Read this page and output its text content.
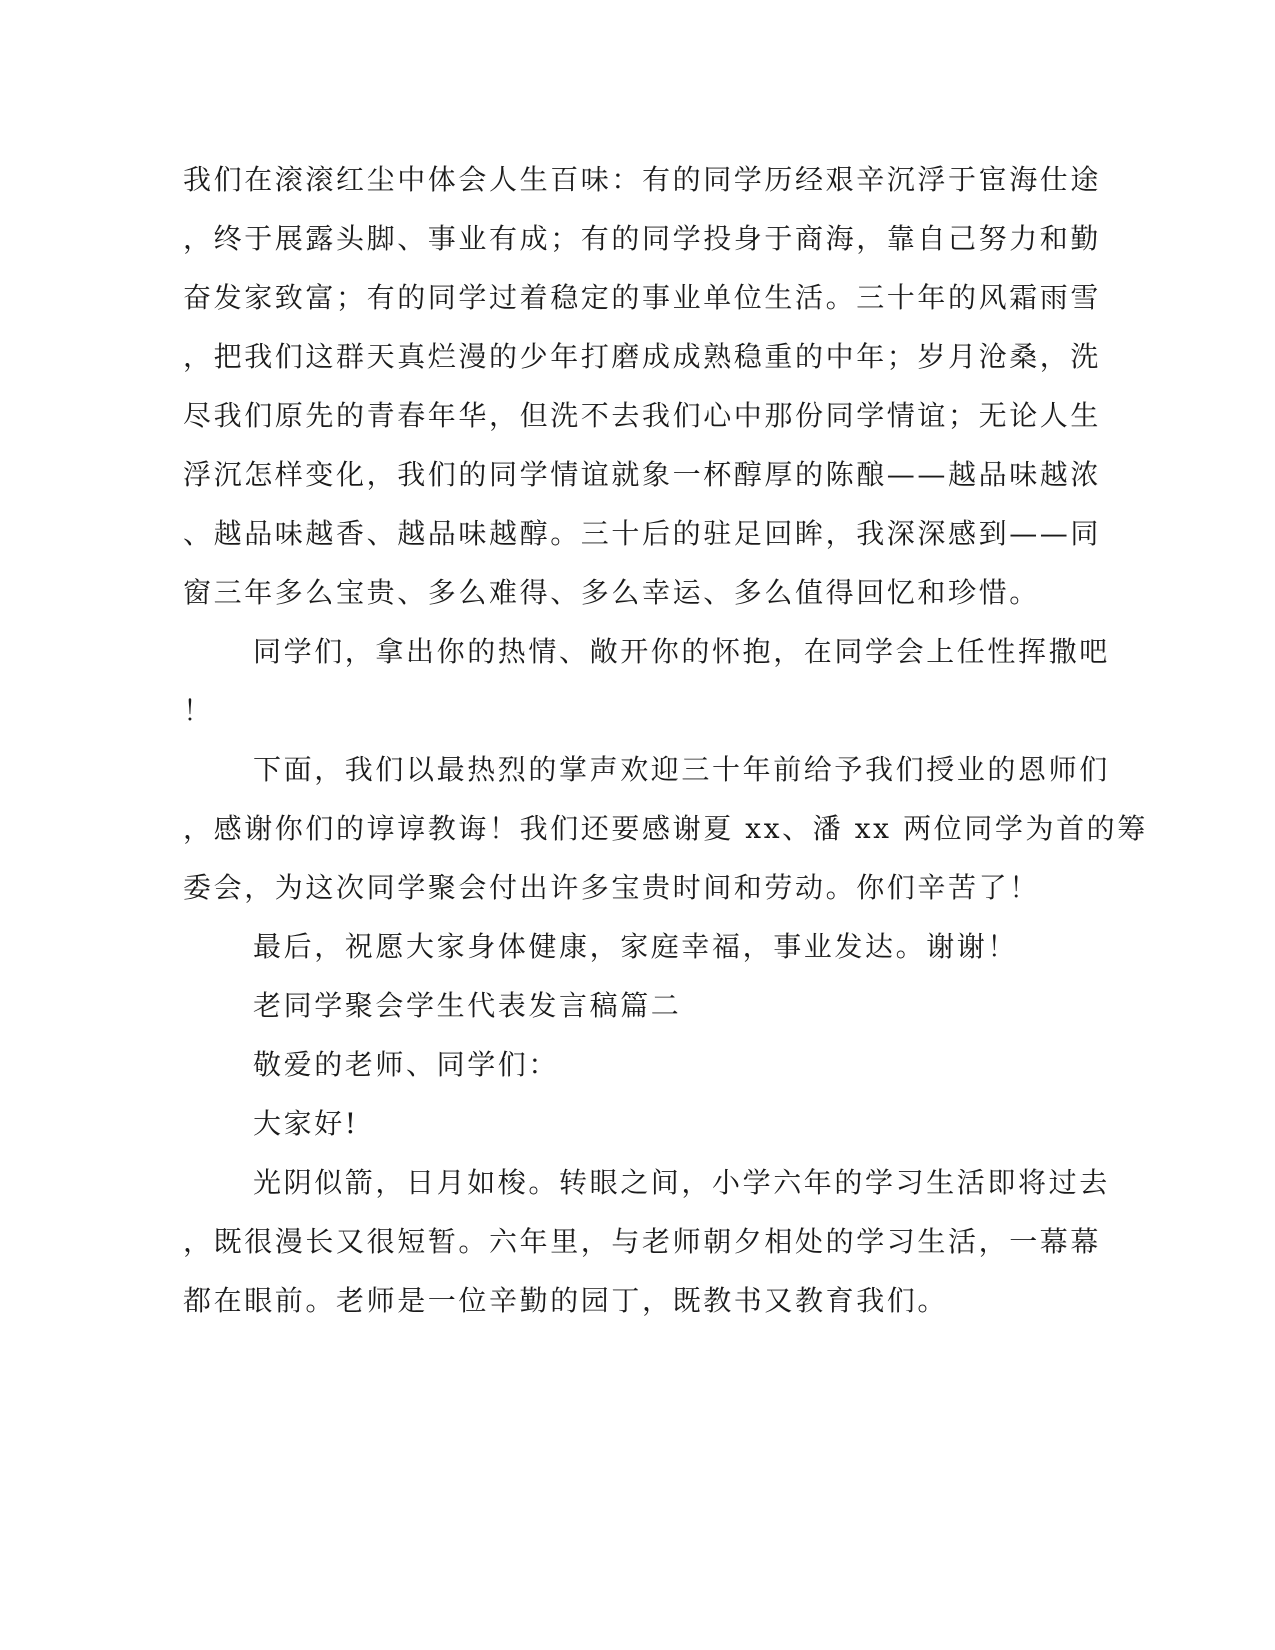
我们在滚滚红尘中体会人生百味：有的同学历经艰辛沉浮于宦海仕途
，终于展露头脚、事业有成；有的同学投身于商海，靠自己努力和勤
奋发家致富；有的同学过着稳定的事业单位生活。三十年的风霜雨雪
，把我们这群天真烂漫的少年打磨成成熟稳重的中年；岁月沧桑，洗
尽我们原先的青春年华，但洗不去我们心中那份同学情谊；无论人生
浮沉怎样变化，我们的同学情谊就象一杯醇厚的陈酿——越品味越浓
、越品味越香、越品味越醇。三十后的驻足回眸，我深深感到——同
窗三年多么宝贵、多么难得、多么幸运、多么值得回忆和珍惜。
同学们，拿出你的热情、敞开你的怀抱，在同学会上任性挥撒吧
！
下面，我们以最热烈的掌声欢迎三十年前给予我们授业的恩师们
，感谢你们的谆谆教诲！我们还要感谢夏 xx、潘 xx 两位同学为首的筹
委会，为这次同学聚会付出许多宝贵时间和劳动。你们辛苦了！
最后，祝愿大家身体健康，家庭幸福，事业发达。谢谢！
老同学聚会学生代表发言稿篇二
敬爱的老师、同学们：
大家好!
光阴似箭，日月如梭。转眼之间，小学六年的学习生活即将过去
，既很漫长又很短暂。六年里，与老师朝夕相处的学习生活，一幕幕
都在眼前。老师是一位辛勤的园丁，既教书又教育我们。
